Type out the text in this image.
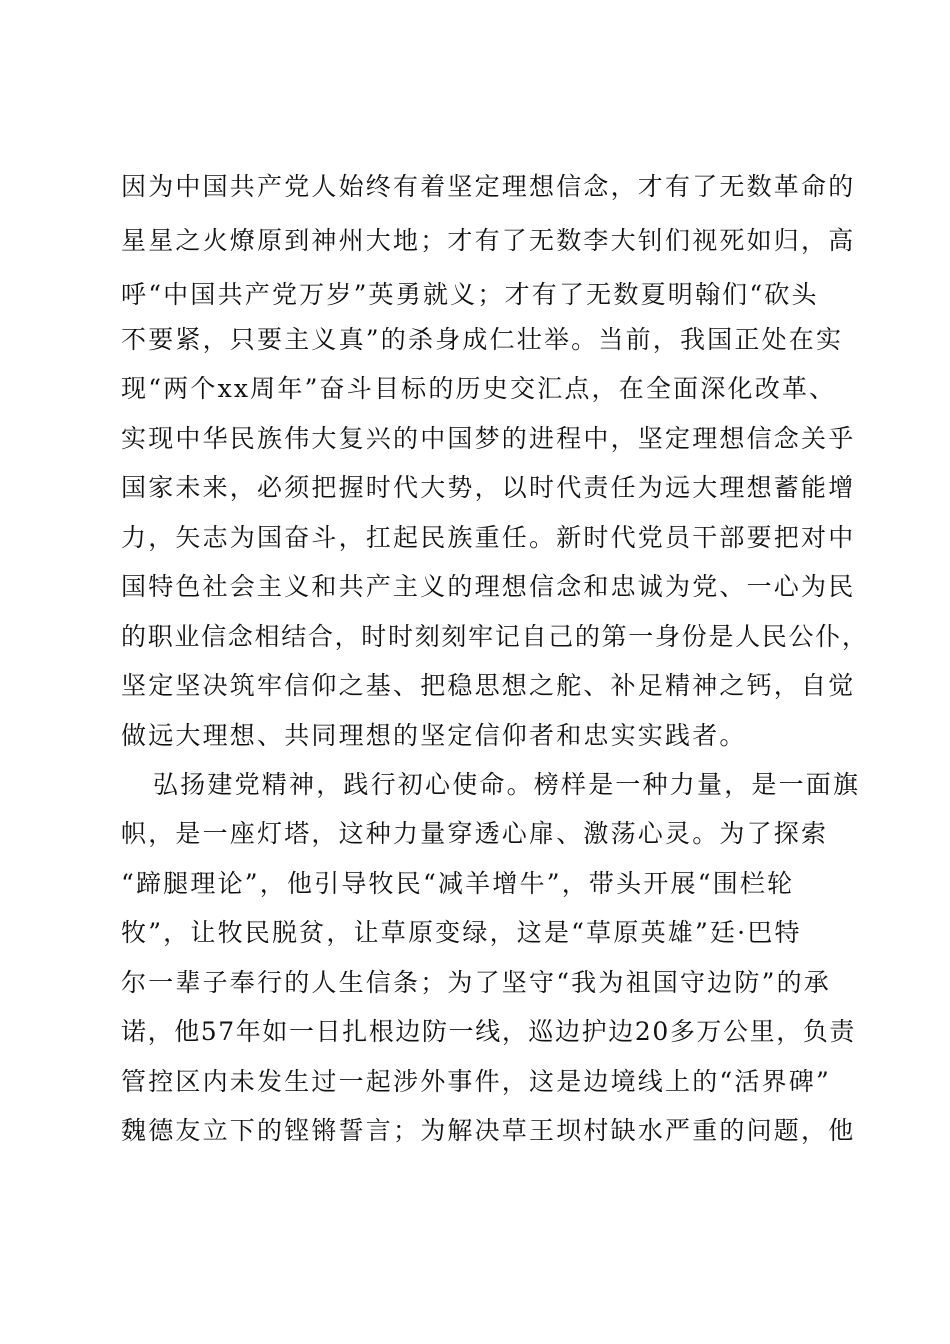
因为中国共产党人始终有着坚定理想信念，才有了无数革命的
星星之火燎原到神州大地；才有了无数李大钊们视死如归，高
呼“中国共产党万岁”英勇就义；才有了无数夏明翰们“砍头
不要紧，只要主义真”的杀身成仁壮举。当前，我国正处在实
现“两个xx周年”奋斗目标的历史交汇点，在全面深化改革、
实现中华民族伟大复兴的中国梦的进程中，坚定理想信念关乎
国家未来，必须把握时代大势，以时代责任为远大理想蓄能增
力，矢志为国奋斗，扛起民族重任。新时代党员干部要把对中
国特色社会主义和共产主义的理想信念和忠诚为党、一心为民
的职业信念相结合，时时刻刻牢记自己的第一身份是人民公仆，
坚定坚决筑牢信仰之基、把稳思想之舵、补足精神之钙，自觉
做远大理想、共同理想的坚定信仰者和忠实实践者。
弘扬建党精神，践行初心使命。榜样是一种力量，是一面旗
帜，是一座灯塔，这种力量穿透心扉、激荡心灵。为了探索
“蹄腿理论”，他引导牧民“减羊增牛”，带头开展“围栏轮
牧”，让牧民脱贫，让草原变绿，这是“草原英雄”廷·巴特
尔一辈子奉行的人生信条；为了坚守“我为祖国守边防”的承
诺，他57年如一日扎根边防一线，巡边护边20多万公里，负责
管控区内未发生过一起涉外事件，这是边境线上的“活界碑”
魏德友立下的铿锵誓言；为解决草王坝村缺水严重的问题，他
